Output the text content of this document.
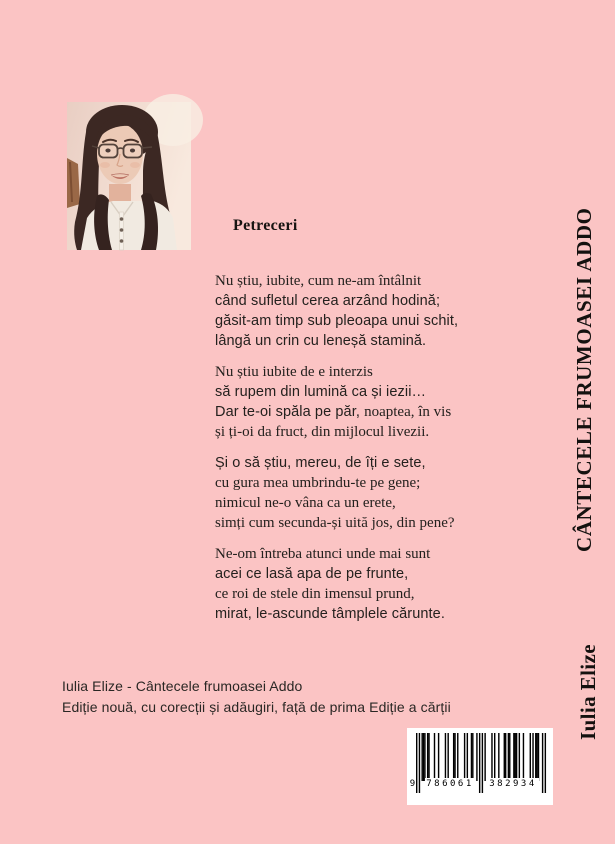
Petreceri
Nu știu, iubite, cum ne-am întâlnit
când sufletul cerea arzând hodină;
găsit-am timp sub pleoapa unui schit,
lângă un crin cu leneșă stamină.
Nu știu iubite de e interzis
să rupem din lumină ca și iezii…
Dar te-oi spăla pe păr, noaptea, în vis
și ți-oi da fruct, din mijlocul livezii.
Și o să știu, mereu, de îți e sete,
cu gura mea umbrindu-te pe gene;
nimicul ne-o vâna ca un erete,
simți cum secunda-și uită jos, din pene?
Ne-om întreba atunci unde mai sunt
acei ce lasă apa de pe frunte,
ce roi de stele din imensul prund,
mirat, le-ascunde tâmplele cărunte.
CÂNTECELE FRUMOASEI ADDO
Iulia Elize
Iulia Elize - Cântecele frumoasei Addo
Ediție nouă, cu corecții și adăugiri, față de prima Ediție a cărții
9 786061 382934
